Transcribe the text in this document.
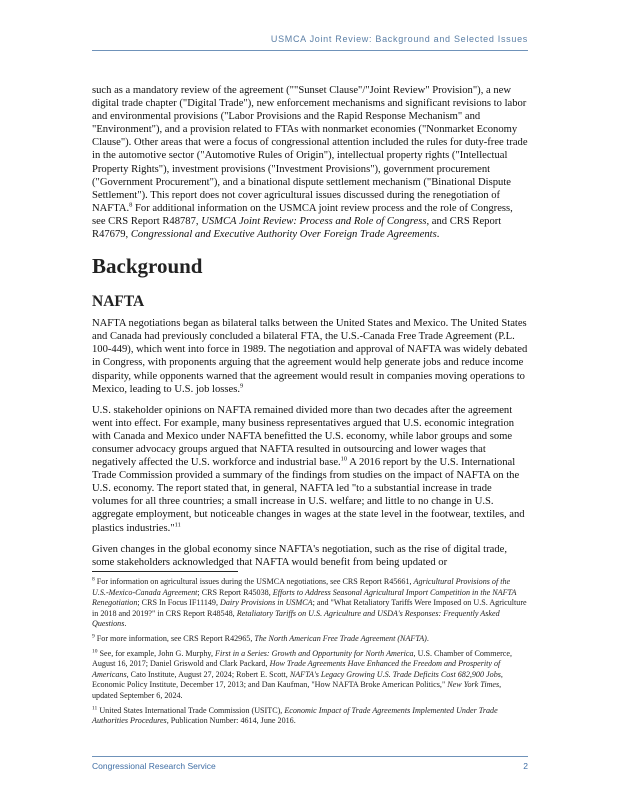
USMCA Joint Review: Background and Selected Issues

such as a mandatory review of the agreement (""Sunset Clause"/"Joint Review" Provision"), a new digital trade chapter ("Digital Trade"), new enforcement mechanisms and significant revisions to labor and environmental provisions ("Labor Provisions and the Rapid Response Mechanism" and "Environment"), and a provision related to FTAs with nonmarket economies ("Nonmarket Economy Clause"). Other areas that were a focus of congressional attention included the rules for duty-free trade in the automotive sector ("Automotive Rules of Origin"), intellectual property rights ("Intellectual Property Rights"), investment provisions ("Investment Provisions"), government procurement ("Government Procurement"), and a binational dispute settlement mechanism ("Binational Dispute Settlement"). This report does not cover agricultural issues discussed during the renegotiation of NAFTA.$^8$ For additional information on the USMCA joint review process and the role of Congress, see CRS Report R48787, USMCA Joint Review: Process and Role of Congress, and CRS Report R47679, Congressional and Executive Authority Over Foreign Trade Agreements.

Background
NAFTA

NAFTA negotiations began as bilateral talks between the United States and Mexico. The United States and Canada had previously concluded a bilateral FTA, the U.S.-Canada Free Trade Agreement (P.L. 100-449), which went into force in 1989. The negotiation and approval of NAFTA was widely debated in Congress, with proponents arguing that the agreement would help generate jobs and reduce income disparity, while opponents warned that the agreement would result in companies moving operations to Mexico, leading to U.S. job losses.$^9$

U.S. stakeholder opinions on NAFTA remained divided more than two decades after the agreement went into effect. For example, many business representatives argued that U.S. economic integration with Canada and Mexico under NAFTA benefitted the U.S. economy, while labor groups and some consumer advocacy groups argued that NAFTA resulted in outsourcing and lower wages that negatively affected the U.S. workforce and industrial base.$^{10}$ A 2016 report by the U.S. International Trade Commission provided a summary of the findings from studies on the impact of NAFTA on the U.S. economy. The report stated that, in general, NAFTA led "to a substantial increase in trade volumes for all three countries; a small increase in U.S. welfare; and little to no change in U.S. aggregate employment, but noticeable changes in wages at the state level in the footwear, textiles, and plastics industries."$^{11}$

Given changes in the global economy since NAFTA's negotiation, such as the rise of digital trade, some stakeholders acknowledged that NAFTA would benefit from being updated or

$^8$ For information on agricultural issues during the USMCA negotiations, see CRS Report R45661, Agricultural Provisions of the U.S.-Mexico-Canada Agreement; CRS Report R45038, Efforts to Address Seasonal Agricultural Import Competition in the NAFTA Renegotiation; CRS In Focus IF11149, Dairy Provisions in USMCA; and "What Retaliatory Tariffs Were Imposed on U.S. Agriculture in 2018 and 2019?" in CRS Report R48548, Retaliatory Tariffs on U.S. Agriculture and USDA's Responses: Frequently Asked Questions.

$^9$ For more information, see CRS Report R42965, The North American Free Trade Agreement (NAFTA).

$^{10}$ See, for example, John G. Murphy, First in a Series: Growth and Opportunity for North America, U.S. Chamber of Commerce, August 16, 2017; Daniel Griswold and Clark Packard, How Trade Agreements Have Enhanced the Freedom and Prosperity of Americans, Cato Institute, August 27, 2024; Robert E. Scott, NAFTA's Legacy Growing U.S. Trade Deficits Cost 682,900 Jobs, Economic Policy Institute, December 17, 2013; and Dan Kaufman, "How NAFTA Broke American Politics," New York Times, updated September 6, 2024.

$^{11}$ United States International Trade Commission (USITC), Economic Impact of Trade Agreements Implemented Under Trade Authorities Procedures, Publication Number: 4614, June 2016.

Congressional Research Service	2
